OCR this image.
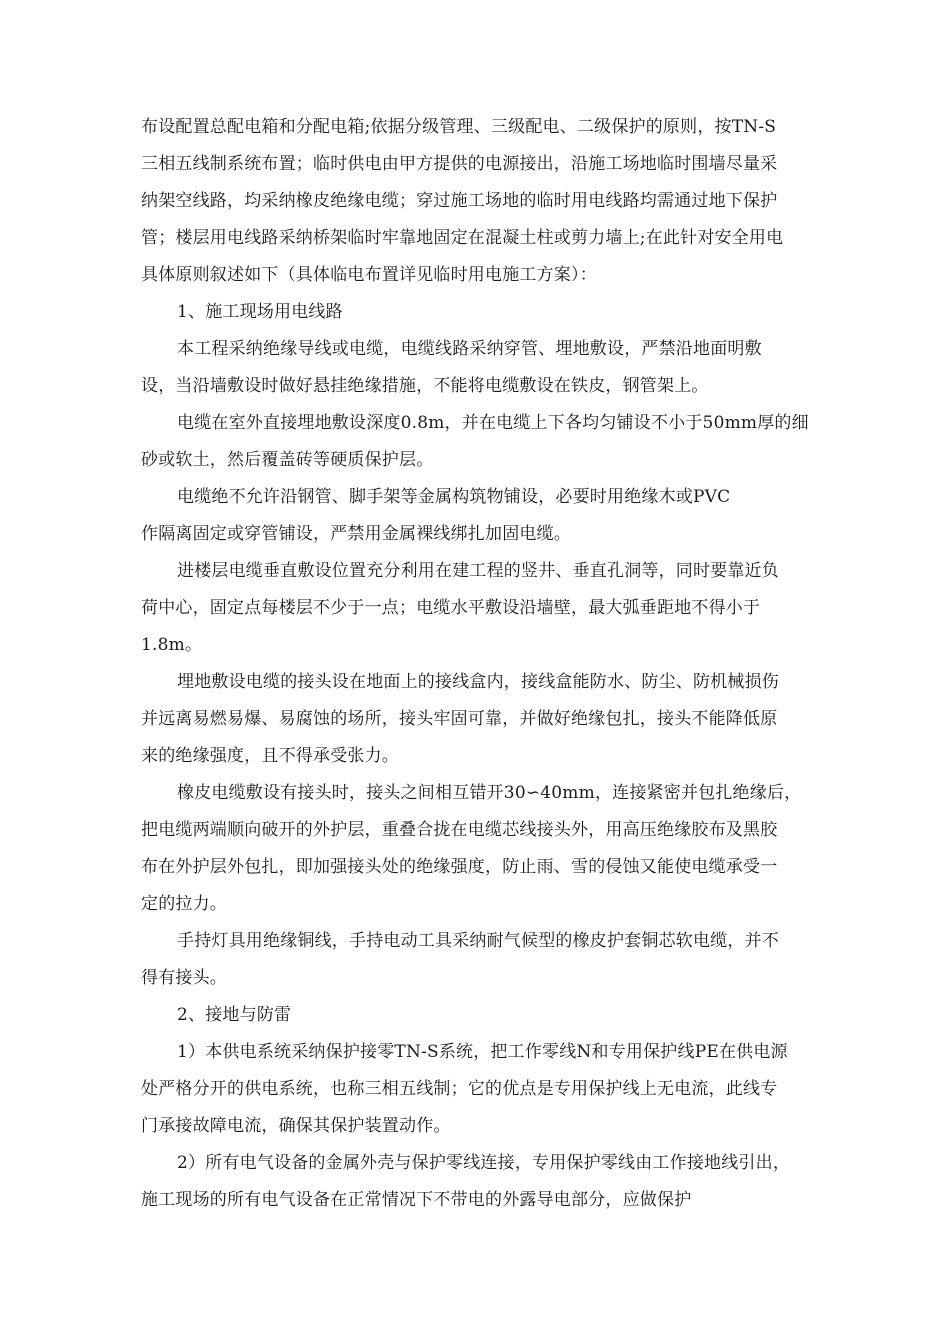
布设配置总配电箱和分配电箱;依据分级管理、三级配电、二级保护的原则，按TN-S
三相五线制系统布置；临时供电由甲方提供的电源接出，沿施工场地临时围墙尽量采
纳架空线路，均采纳橡皮绝缘电缆；穿过施工场地的临时用电线路均需通过地下保护
管；楼层用电线路采纳桥架临时牢靠地固定在混凝土柱或剪力墙上;在此针对安全用电
具体原则叙述如下（具体临电布置详见临时用电施工方案）：
1、施工现场用电线路
本工程采纳绝缘导线或电缆，电缆线路采纳穿管、埋地敷设，严禁沿地面明敷
设，当沿墙敷设时做好悬挂绝缘措施，不能将电缆敷设在铁皮，钢管架上。
电缆在室外直接埋地敷设深度0.8m，并在电缆上下各均匀铺设不小于50mm厚的细
砂或软土，然后覆盖砖等硬质保护层。
电缆绝不允许沿钢管、脚手架等金属构筑物铺设，必要时用绝缘木或PVC
作隔离固定或穿管铺设，严禁用金属裸线绑扎加固电缆。
进楼层电缆垂直敷设位置充分利用在建工程的竖井、垂直孔洞等，同时要靠近负
荷中心，固定点每楼层不少于一点；电缆水平敷设沿墙壁，最大弧垂距地不得小于
1.8m。
埋地敷设电缆的接头设在地面上的接线盒内，接线盒能防水、防尘、防机械损伤
并远离易燃易爆、易腐蚀的场所，接头牢固可靠，并做好绝缘包扎，接头不能降低原
来的绝缘强度，且不得承受张力。
橡皮电缆敷设有接头时，接头之间相互错开30∽40mm，连接紧密并包扎绝缘后，
把电缆两端顺向破开的外护层，重叠合拢在电缆芯线接头外，用高压绝缘胶布及黑胶
布在外护层外包扎，即加强接头处的绝缘强度，防止雨、雪的侵蚀又能使电缆承受一
定的拉力。
手持灯具用绝缘铜线，手持电动工具采纳耐气候型的橡皮护套铜芯软电缆，并不
得有接头。
2、接地与防雷
1）本供电系统采纳保护接零TN-S系统，把工作零线N和专用保护线PE在供电源
处严格分开的供电系统，也称三相五线制；它的优点是专用保护线上无电流，此线专
门承接故障电流，确保其保护装置动作。
2）所有电气设备的金属外壳与保护零线连接，专用保护零线由工作接地线引出，
施工现场的所有电气设备在正常情况下不带电的外露导电部分，应做保护
